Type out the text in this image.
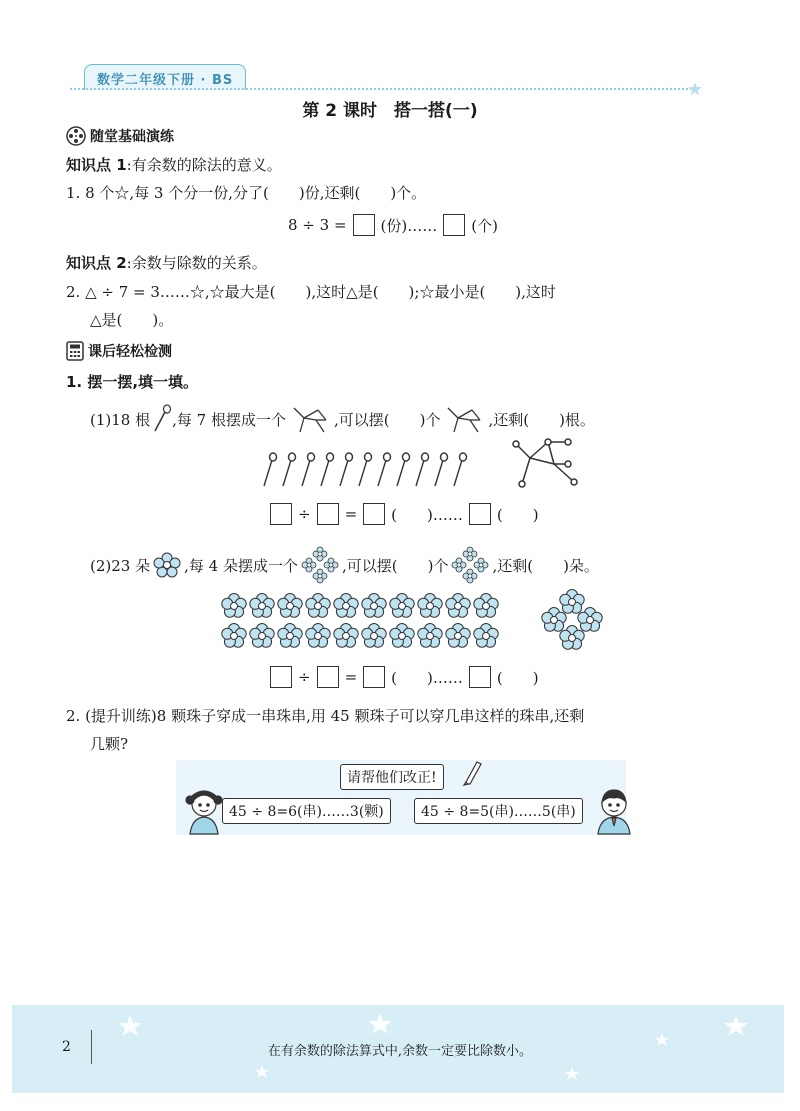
数学二年级下册 · BS
第 2 课时　搭一搭(一)
随堂基础演练
知识点 1:有余数的除法的意义。
1. 8 个☆,每 3 个分一份,分了(　　)份,还剩(　　)个。
8 ÷ 3 = (份)…… (个)
知识点 2:余数与除数的关系。
2. △ ÷ 7 = 3……☆,☆最大是(　　),这时△是(　　);☆最小是(　　),这时
△是(　　)。
课后轻松检测
1. 摆一摆,填一填。
(1)18 根 ,每 7 根摆成一个	,可以摆(　　)个	,还剩(　　)根。
÷ = (　　)…… (　　)
(2)23 朵 ,每 4 朵摆成一个	,可以摆(　　)个	,还剩(　　)朵。
÷ = (　　)…… (　　)
2. (提升训练)8 颗珠子穿成一串珠串,用 45 颗珠子可以穿几串这样的珠串,还剩
几颗?
请帮他们改正!
45 ÷ 8=6(串)……3(颗)	45 ÷ 8=5(串)……5(串)
2	在有余数的除法算式中,余数一定要比除数小。
